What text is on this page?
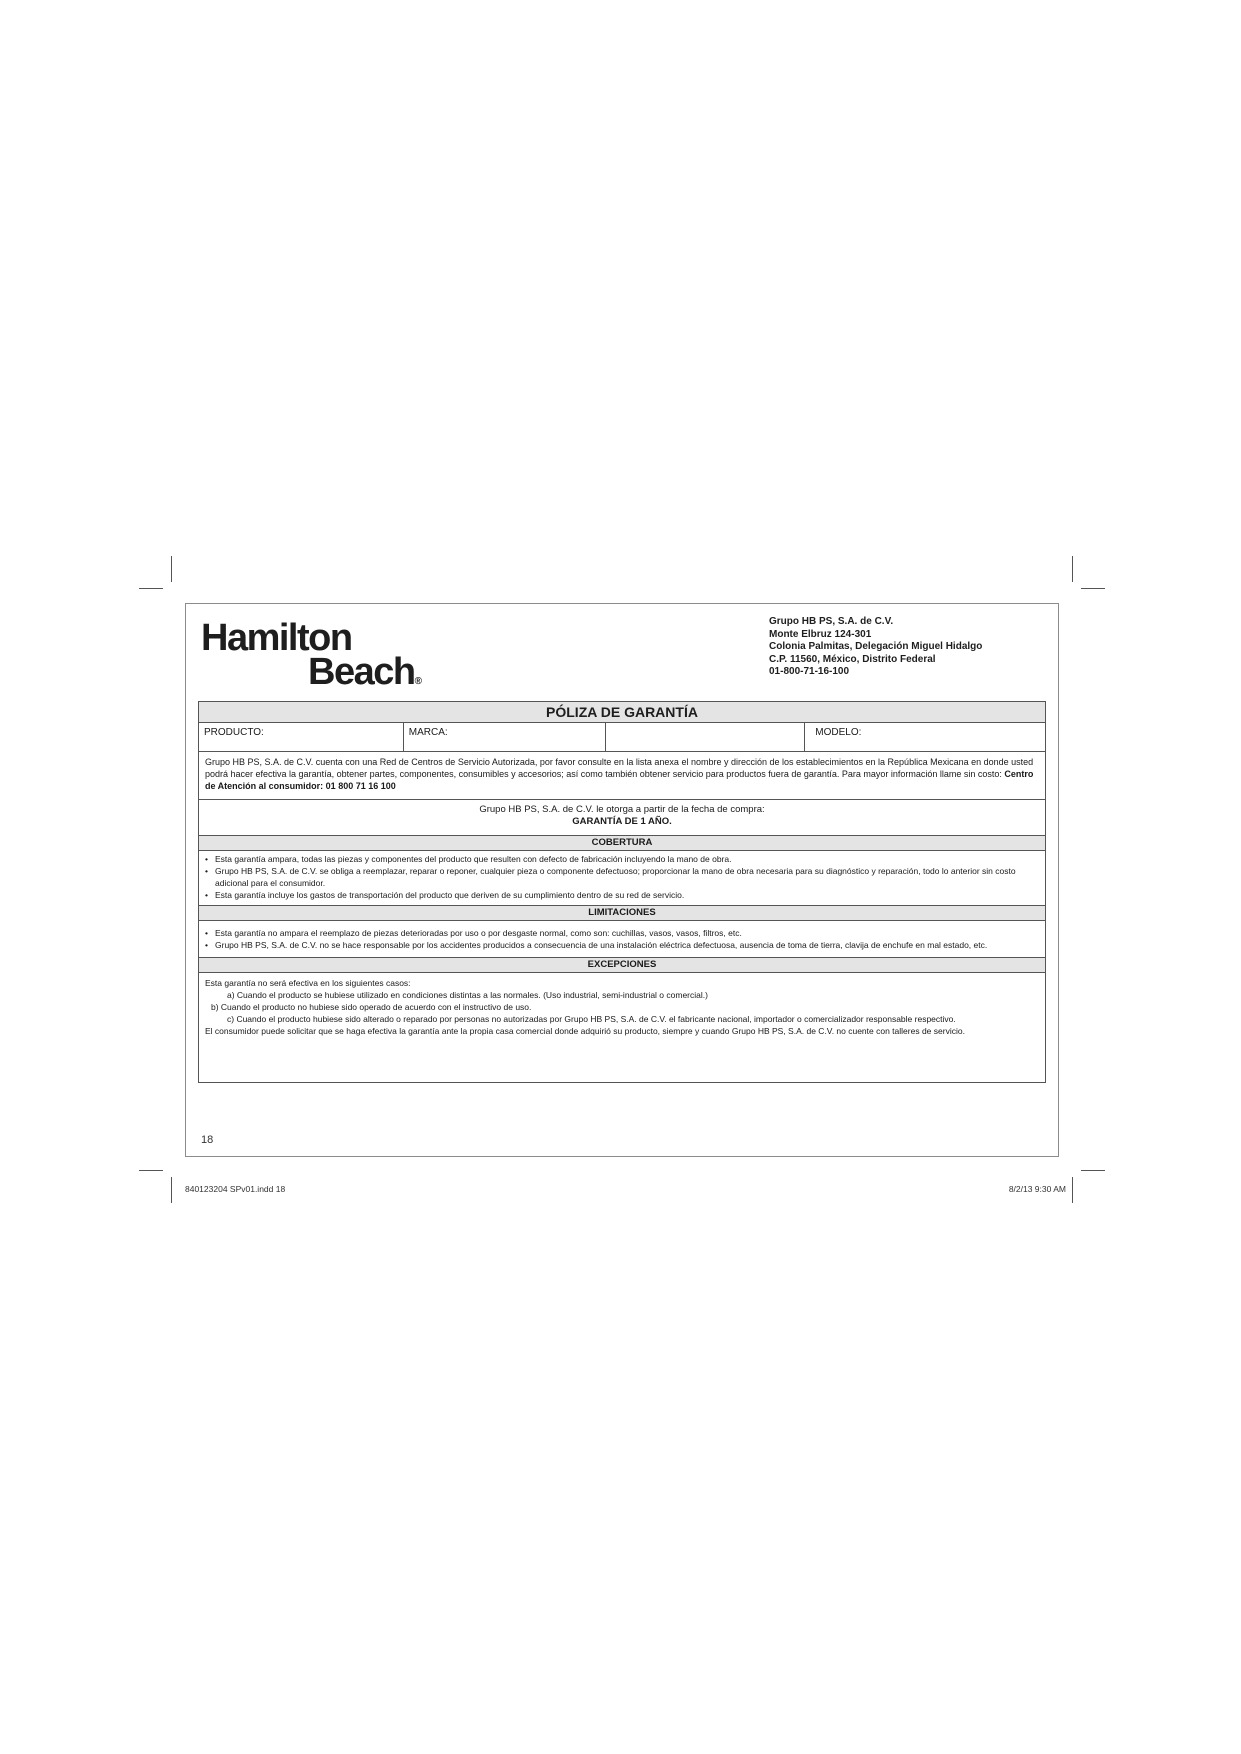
Hamilton
Beach®
Grupo HB PS, S.A. de C.V.
Monte Elbruz 124-301
Colonia Palmitas, Delegación Miguel Hidalgo
C.P. 11560, México, Distrito Federal
01-800-71-16-100
PÓLIZA DE GARANTÍA
PRODUCTO:	MARCA:	MODELO:
Grupo HB PS, S.A. de C.V. cuenta con una Red de Centros de Servicio Autorizada, por favor consulte en la lista anexa el nombre y dirección de los establecimientos en la República Mexicana en donde usted podrá hacer efectiva la garantía, obtener partes, componentes, consumibles y accesorios; así como también obtener servicio para productos fuera de garantía. Para mayor información llame sin costo: Centro de Atención al consumidor: 01 800 71 16 100
Grupo HB PS, S.A. de C.V. le otorga a partir de la fecha de compra:
GARANTÍA DE 1 AÑO.
COBERTURA
• Esta garantía ampara, todas las piezas y componentes del producto que resulten con defecto de fabricación incluyendo la mano de obra.
• Grupo HB PS, S.A. de C.V. se obliga a reemplazar, reparar o reponer, cualquier pieza o componente defectuoso; proporcionar la mano de obra necesaria para su diagnóstico y reparación, todo lo anterior sin costo adicional para el consumidor.
• Esta garantía incluye los gastos de transportación del producto que deriven de su cumplimiento dentro de su red de servicio.
LIMITACIONES
• Esta garantía no ampara el reemplazo de piezas deterioradas por uso o por desgaste normal, como son: cuchillas, vasos, vasos, filtros, etc.
• Grupo HB PS, S.A. de C.V. no se hace responsable por los accidentes producidos a consecuencia de una instalación eléctrica defectuosa, ausencia de toma de tierra, clavija de enchufe en mal estado, etc.
EXCEPCIONES
Esta garantía no será efectiva en los siguientes casos:
a) Cuando el producto se hubiese utilizado en condiciones distintas a las normales. (Uso industrial, semi-industrial o comercial.)
b) Cuando el producto no hubiese sido operado de acuerdo con el instructivo de uso.
c) Cuando el producto hubiese sido alterado o reparado por personas no autorizadas por Grupo HB PS, S.A. de C.V. el fabricante nacional, importador o comercializador responsable respectivo.
El consumidor puede solicitar que se haga efectiva la garantía ante la propia casa comercial donde adquirió su producto, siempre y cuando Grupo HB PS, S.A. de C.V. no cuente con talleres de servicio.
18
840123204 SPv01.indd 18	8/2/13 9:30 AM
